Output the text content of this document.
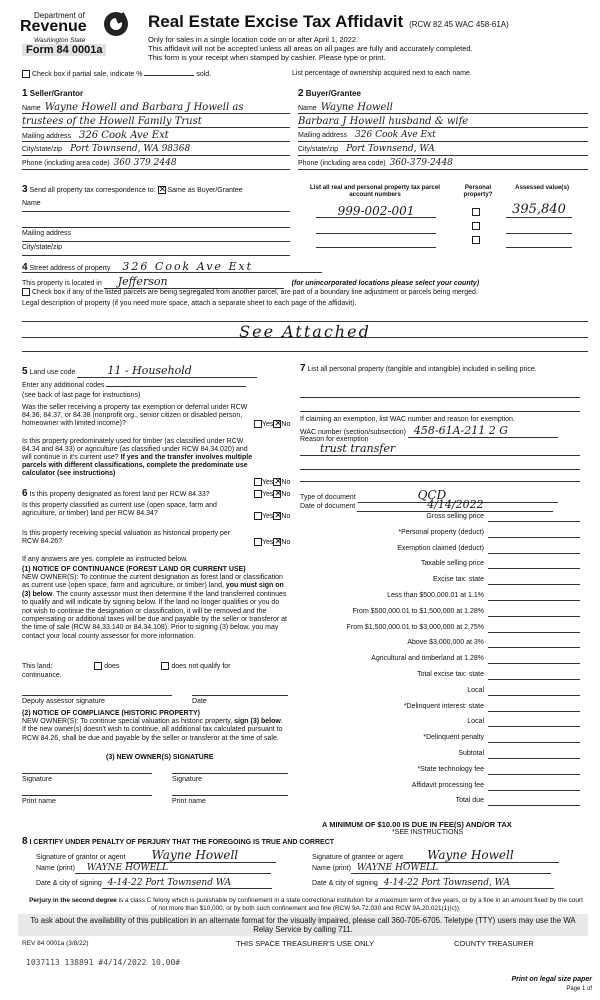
Department of
Revenue
Washington State
Form 84 0001a
Real Estate Excise Tax Affidavit (RCW 82.45 WAC 458-61A)
Only for sales in a single location code on or after April 1, 2022.
This affidavit will not be accepted unless all areas on all pages are fully and accurately completed.
This form is your receipt when stamped by cashier. Please type or print.
Check box if partial sale, indicate %	sold.	List percentage of ownership acquired next to each name.
1 Seller/Grantor
Name Wayne Howell and Barbara J Howell as
trustees of the Howell Family Trust
Mailing address 326 Cook Ave Ext
City/state/zip Port Townsend, WA 98368
Phone (including area code) 360 379 2448
2 Buyer/Grantee
Name Wayne Howell
Barbara J Howell husband & wife
Mailing address 326 Cook Ave Ext
City/state/zip Port Townsend, WA
Phone (including area code) 360-379-2448
3 Send all property tax correspondence to: ✕ Same as Buyer/Grantee
Name
Mailing address
City/state/zip
List all real and personal property tax parcel account numbers
Personal property?
Assessed value(s)
999-002-001	395,840
4 Street address of property 326 Cook Ave Ext
This property is located in Jefferson	(for unincorporated locations please select your county)
Check box if any of the listed parcels are being segregated from another parcel, are part of a boundary line adjustment or parcels being merged.
Legal description of property (if you need more space, attach a separate sheet to each page of the affidavit).
See Attached
5 Land use code	11 - Household
Enter any additional codes
(see back of last page for instructions)
Was the seller receiving a property tax exemption or deferral under RCW 84.36, 84.37, or 84.38 (nonprofit org., senior citizen or disabled person, homeowner with limited income)?	Yes ✕ No
Is this property predominately used for timber (as classified under RCW 84.34 and 84.33) or agriculture (as classified under RCW 84.34.020) and will continue in it's current use? If yes and the transfer involves multiple parcels with different classifications, complete the predominate use calculator (see instructions)
Yes ✕ No
6 Is this property designated as forest land per RCW 84.33?	Yes ✕ No
Is this property classified as current use (open space, farm and agriculture, or timber) land per RCW 84.34?	Yes ✕ No
Is this property receiving special valuation as historical property per RCW 84.26?	Yes ✕ No
If any answers are yes, complete as instructed below.
(1) NOTICE OF CONTINUANCE (FOREST LAND OR CURRENT USE)
NEW OWNER(S): To continue the current designation as forest land or classification as current use (open space, farm and agriculture, or timber) land, you must sign on (3) below. The county assessor must then determine if the land transferred continues to qualify and will indicate by signing below. If the land no longer qualifies or you do not wish to continue the designation or classification, it will be removed and the compensating or additional taxes will be due and payable by the seller or transferor at the time of sale (RCW 84.33.140 or 84.34.108). Prior to signing (3) below, you may contact your local county assessor for more information.
This land:	does	does not qualify for
continuance.
Deputy assessor signature	Date
(2) NOTICE OF COMPLIANCE (HISTORIC PROPERTY)
NEW OWNER(S): To continue special valuation as historic property, sign (3) below. If the new owner(s) doesn't wish to continue, all additional tax calculated pursuant to RCW 84.26, shall be due and payable by the seller or transferor at the time of sale.
(3) NEW OWNER(S) SIGNATURE
Signature	Signature
Print name	Print name
7 List all personal property (tangible and intangible) included in selling price.
If claiming an exemption, list WAC number and reason for exemption.
WAC number (section/subsection) 458-61A-211 2 G
Reason for exemption
trust transfer
Type of document	QCD
Date of document	4/14/2022
Gross selling price
*Personal property (deduct)
Exemption claimed (deduct)
Taxable selling price
Excise tax: state
Less than $500,000.01 at 1.1%
From $500,000.01 to $1,500,000 at 1.28%
From $1,500,000.01 to $3,000,000 at 2.75%
Above $3,000,000 at 3%
Agricultural and timberland at 1.28%
Total excise tax: state
Local
*Delinquent interest: state
Local
*Delinquent penalty
Subtotal
*State technology fee
Affidavit processing fee
Total due
A MINIMUM OF $10.00 IS DUE IN FEE(S) AND/OR TAX
*SEE INSTRUCTIONS
8 I CERTIFY UNDER PENALTY OF PERJURY THAT THE FOREGOING IS TRUE AND CORRECT
Signature of grantor or agent Wayne Howell
Name (print) WAYNE HOWELL
Date & city of signing 4-14-22 Port Townsend WA
Signature of grantee or agent Wayne Howell
Name (print) WAYNE HOWELL
Date & city of signing 4-14-22 Port Townsend, WA
Perjury in the second degree is a class C felony which is punishable by confinement in a state correctional institution for a maximum term of five years, or by a fine in an amount fixed by the court of not more than $10,000, or by both such confinement and fine (RCW 9A.72.030 and RCW 9A.20.021(1)(c)).
To ask about the availability of this publication in an alternate format for the visually impaired, please call 360-705-6705. Teletype (TTY) users may use the WA Relay Service by calling 711.
REV 84 0001a (3/8/22)	THIS SPACE TREASURER'S USE ONLY	COUNTY TREASURER
1037113 138891 #4/14/2022 10.00#
Print on legal size paper
Page 1 of
